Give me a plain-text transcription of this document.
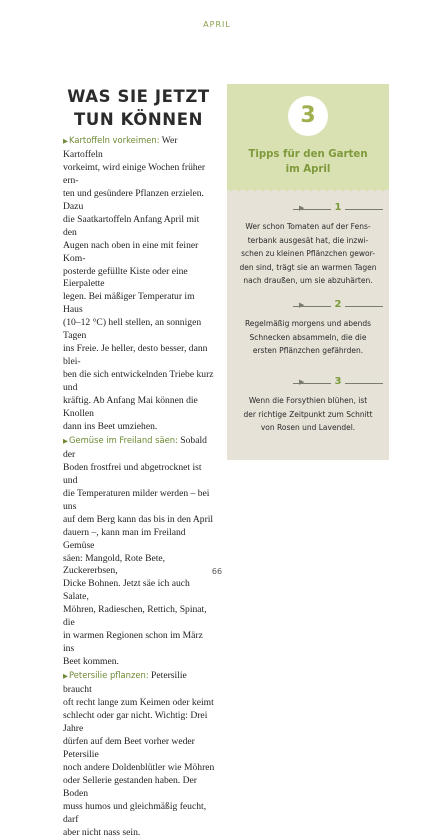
APRIL
WAS SIE JETZT
TUN KÖNNEN

▶Kartoffeln vorkeimen: Wer Kartoffeln
vorkeimt, wird einige Wochen früher ern-
ten und gesündere Pflanzen erzielen. Dazu
die Saatkartoffeln Anfang April mit den
Augen nach oben in eine mit feiner Kom-
posterde gefüllte Kiste oder eine Eierpalette
legen. Bei mäßiger Temperatur im Haus
(10–12 °C) hell stellen, an sonnigen Tagen
ins Freie. Je heller, desto besser, dann blei-
ben die sich entwickelnden Triebe kurz und
kräftig. Ab Anfang Mai können die Knollen
dann ins Beet umziehen.

▶Gemüse im Freiland säen: Sobald der
Boden frostfrei und abgetrocknet ist und
die Temperaturen milder werden – bei uns
auf dem Berg kann das bis in den April
dauern –, kann man im Freiland Gemüse
säen: Mangold, Rote Bete, Zuckererbsen,
Dicke Bohnen. Jetzt säe ich auch Salate,
Möhren, Radieschen, Rettich, Spinat, die
in warmen Regionen schon im März ins
Beet kommen.

▶Petersilie pflanzen: Petersilie braucht
oft recht lange zum Keimen oder keimt
schlecht oder gar nicht. Wichtig: Drei Jahre
dürfen auf dem Beet vorher weder Petersilie
noch andere Doldenblütler wie Möhren
oder Sellerie gestanden haben. Der Boden
muss humos und gleichmäßig feucht, darf
aber nicht nass sein.

3
Tipps für den Garten
im April
▶	1
Wer schon Tomaten auf der Fens-
terbank ausgesät hat, die inzwi-
schen zu kleinen Pflänzchen gewor-
den sind, trägt sie an warmen Tagen
nach draußen, um sie abzuhärten.
▶	2
Regelmäßig morgens und abends
Schnecken absammeln, die die
ersten Pflänzchen gefährden.
▶	3
Wenn die Forsythien blühen, ist
der richtige Zeitpunkt zum Schnitt
von Rosen und Lavendel.
66
